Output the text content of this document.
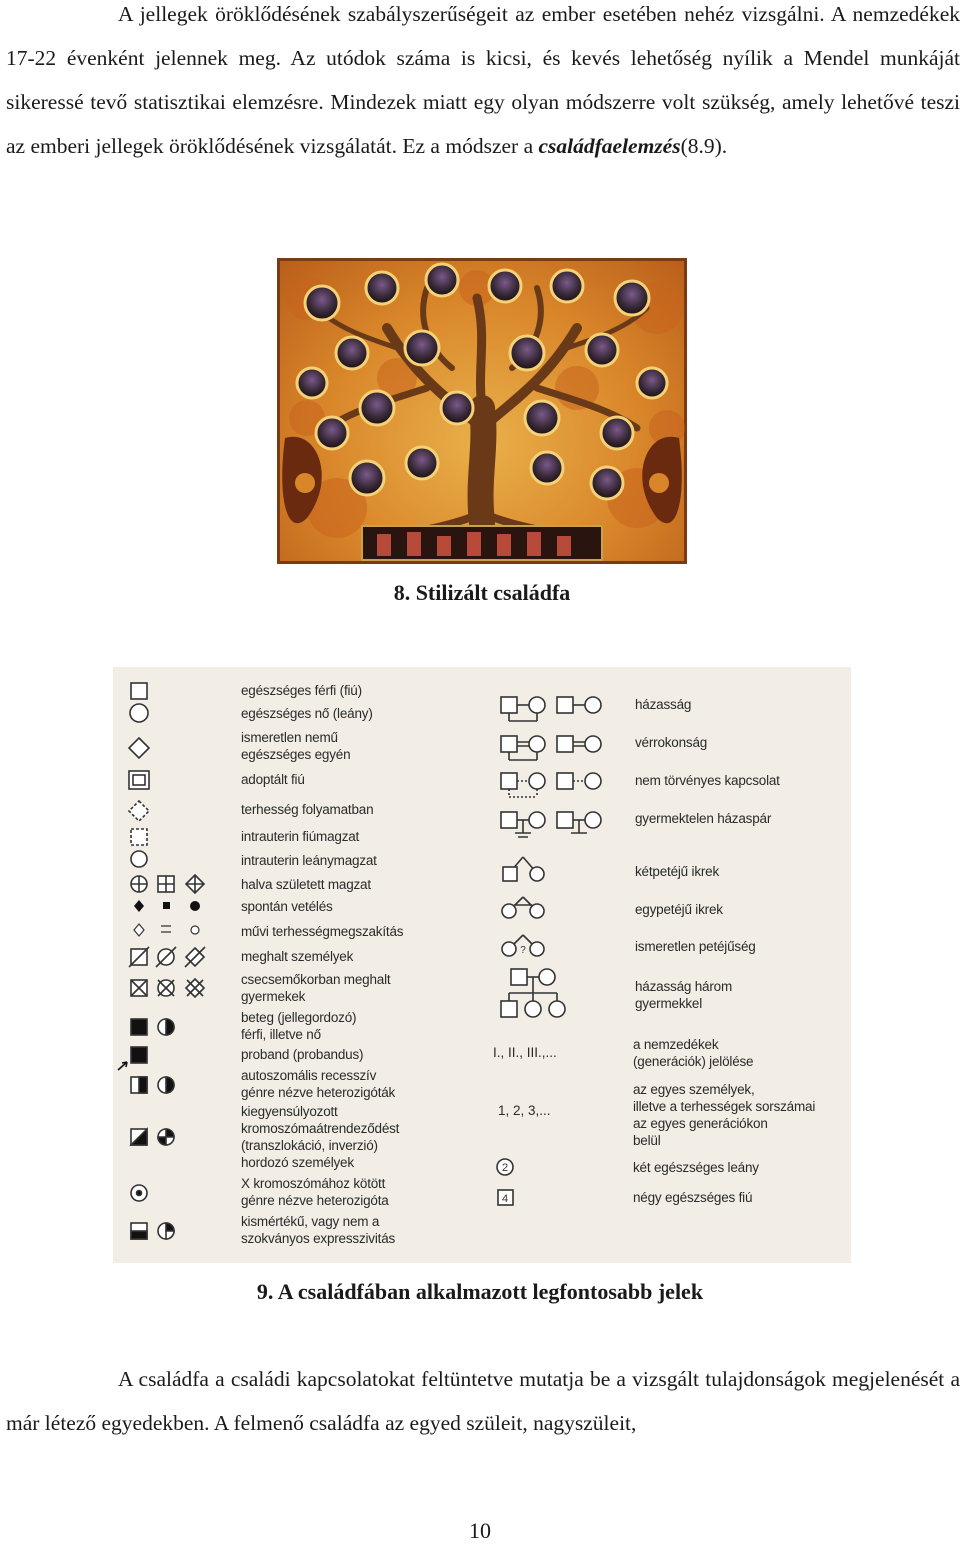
A jellegek öröklődésének szabályszerűségeit az ember esetében nehéz vizsgálni. A nemzedékek 17-22 évenként jelennek meg. Az utódok száma is kicsi, és kevés lehetőség nyílik a Mendel munkáját sikeressé tevő statisztikai elemzésre. Mindezek miatt egy olyan módszerre volt szükség, amely lehetővé teszi az emberi jellegek öröklődésének vizsgálatát. Ez a módszer a családfaelemzés(8.9).
8. Stilizált családfa
?
2
4
egészséges férfi (fiú)
egészséges nő (leány)
ismeretlen nemű
egészséges egyén
adoptált fiú
terhesség folyamatban
intrauterin fiúmagzat
intrauterin leánymagzat
halva született magzat
spontán vetélés
művi terhességmegszakítás
meghalt személyek
csecsemőkorban meghalt
gyermekek
beteg (jellegordozó)
férfi, illetve nő
proband (probandus)
autoszomális recesszív
génre nézve heterozigóták
kiegyensúlyozott
kromoszómaátrendeződést
(transzlokáció, inverzió)
hordozó személyek
X kromoszómához kötött
génre nézve heterozigóta
kismértékű, vagy nem a
szokványos expresszivitás
házasság
vérrokonság
nem törvényes kapcsolat
gyermektelen házaspár
kétpetéjű ikrek
egypetéjű ikrek
ismeretlen petéjűség
házasság három
gyermekkel
a nemzedékek
(generációk) jelölése
az egyes személyek,
illetve a terhességek sorszámai
az egyes generációkon
belül
két egészséges leány
négy egészséges fiú
I., II., III.,...
1, 2, 3,...
9. A családfában alkalmazott legfontosabb jelek
A családfa a családi kapcsolatokat feltüntetve mutatja be a vizsgált tulajdonságok megjelenését a már létező egyedekben. A felmenő családfa az egyed szüleit, nagyszüleit,
10
